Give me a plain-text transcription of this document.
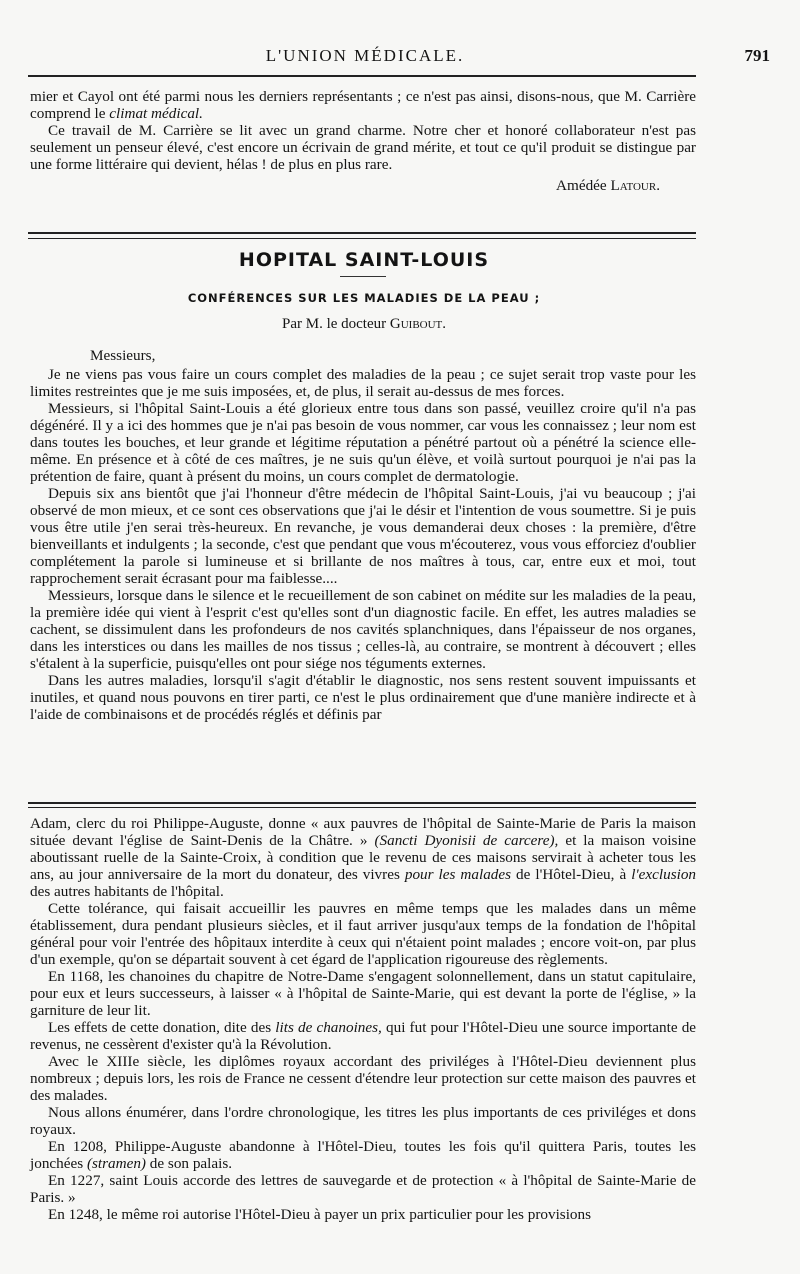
L'UNION MÉDICALE.	791

mier et Cayol ont été parmi nous les derniers représentants ; ce n'est pas ainsi, disons-nous, que M. Carrière comprend le climat médical.

Ce travail de M. Carrière se lit avec un grand charme. Notre cher et honoré collaborateur n'est pas seulement un penseur élevé, c'est encore un écrivain de grand mérite, et tout ce qu'il produit se distingue par une forme littéraire qui devient, hélas ! de plus en plus rare.

Amédée Latour.

HOPITAL SAINT-LOUIS
CONFÉRENCES SUR LES MALADIES DE LA PEAU ;
Par M. le docteur Guibout.
Messieurs,

Je ne viens pas vous faire un cours complet des maladies de la peau ; ce sujet serait trop vaste pour les limites restreintes que je me suis imposées, et, de plus, il serait au-dessus de mes forces.

Messieurs, si l'hôpital Saint-Louis a été glorieux entre tous dans son passé, veuillez croire qu'il n'a pas dégénéré. Il y a ici des hommes que je n'ai pas besoin de vous nommer, car vous les connaissez ; leur nom est dans toutes les bouches, et leur grande et légitime réputation a pénétré partout où a pénétré la science elle-même. En présence et à côté de ces maîtres, je ne suis qu'un élève, et voilà surtout pourquoi je n'ai pas la prétention de faire, quant à présent du moins, un cours complet de dermatologie.

Depuis six ans bientôt que j'ai l'honneur d'être médecin de l'hôpital Saint-Louis, j'ai vu beaucoup ; j'ai observé de mon mieux, et ce sont ces observations que j'ai le désir et l'intention de vous soumettre. Si je puis vous être utile j'en serai très-heureux. En revanche, je vous demanderai deux choses : la première, d'être bienveillants et indulgents ; la seconde, c'est que pendant que vous m'écouterez, vous vous efforciez d'oublier complétement la parole si lumineuse et si brillante de nos maîtres à tous, car, entre eux et moi, tout rapprochement serait écrasant pour ma faiblesse....

Messieurs, lorsque dans le silence et le recueillement de son cabinet on médite sur les maladies de la peau, la première idée qui vient à l'esprit c'est qu'elles sont d'un diagnostic facile. En effet, les autres maladies se cachent, se dissimulent dans les profondeurs de nos cavités splanchniques, dans l'épaisseur de nos organes, dans les interstices ou dans les mailles de nos tissus ; celles-là, au contraire, se montrent à découvert ; elles s'étalent à la superficie, puisqu'elles ont pour siége nos téguments externes.

Dans les autres maladies, lorsqu'il s'agit d'établir le diagnostic, nos sens restent souvent impuissants et inutiles, et quand nous pouvons en tirer parti, ce n'est le plus ordinairement que d'une manière indirecte et à l'aide de combinaisons et de procédés réglés et définis par

Adam, clerc du roi Philippe-Auguste, donne « aux pauvres de l'hôpital de Sainte-Marie de Paris la maison située devant l'église de Saint-Denis de la Châtre. » (Sancti Dyonisii de carcere), et la maison voisine aboutissant ruelle de la Sainte-Croix, à condition que le revenu de ces maisons servirait à acheter tous les ans, au jour anniversaire de la mort du donateur, des vivres pour les malades de l'Hôtel-Dieu, à l'exclusion des autres habitants de l'hôpital.

Cette tolérance, qui faisait accueillir les pauvres en même temps que les malades dans un même établissement, dura pendant plusieurs siècles, et il faut arriver jusqu'aux temps de la fondation de l'hôpital général pour voir l'entrée des hôpitaux interdite à ceux qui n'étaient point malades ; encore voit-on, par plus d'un exemple, qu'on se départait souvent à cet égard de l'application rigoureuse des règlements.

En 1168, les chanoines du chapitre de Notre-Dame s'engagent solonnellement, dans un statut capitulaire, pour eux et leurs successeurs, à laisser « à l'hôpital de Sainte-Marie, qui est devant la porte de l'église, » la garniture de leur lit.

Les effets de cette donation, dite des lits de chanoines, qui fut pour l'Hôtel-Dieu une source importante de revenus, ne cessèrent d'exister qu'à la Révolution.

Avec le XIIIe siècle, les diplômes royaux accordant des priviléges à l'Hôtel-Dieu deviennent plus nombreux ; depuis lors, les rois de France ne cessent d'étendre leur protection sur cette maison des pauvres et des malades.

Nous allons énumérer, dans l'ordre chronologique, les titres les plus importants de ces priviléges et dons royaux.

En 1208, Philippe-Auguste abandonne à l'Hôtel-Dieu, toutes les fois qu'il quittera Paris, toutes les jonchées (stramen) de son palais.

En 1227, saint Louis accorde des lettres de sauvegarde et de protection « à l'hôpital de Sainte-Marie de Paris. »

En 1248, le même roi autorise l'Hôtel-Dieu à payer un prix particulier pour les provisions
